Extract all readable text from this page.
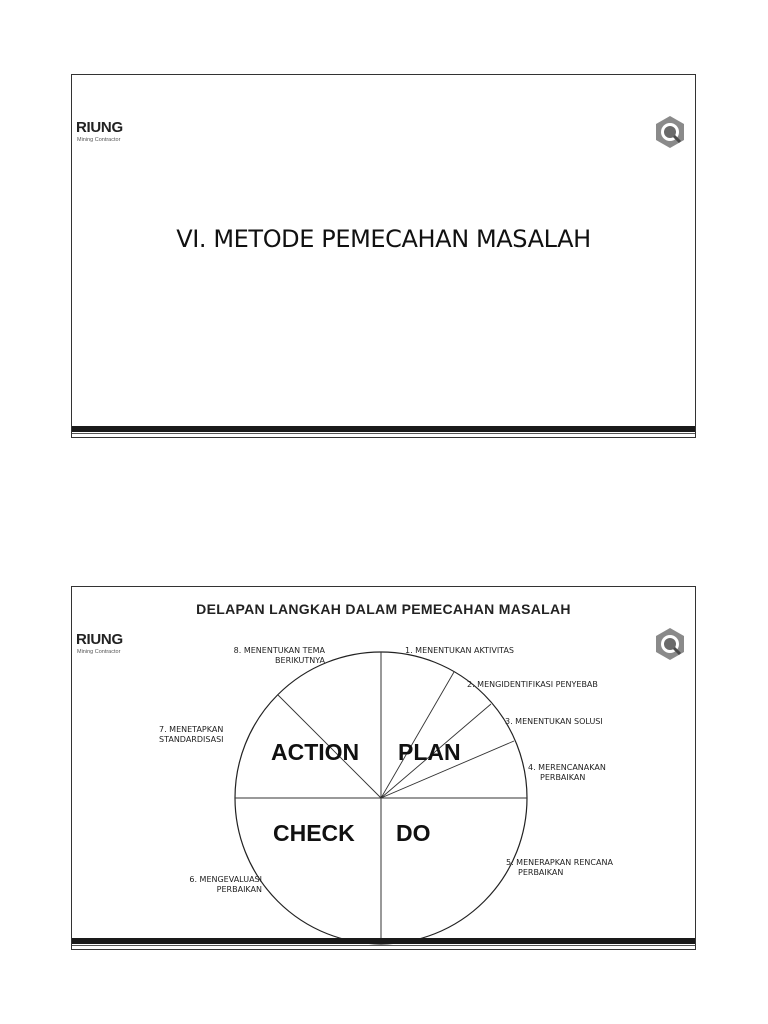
RIUNG
Mining Contractor
VI. METODE PEMECAHAN MASALAH
DELAPAN LANGKAH DALAM PEMECAHAN MASALAH
RIUNG
Mining Contractor
ACTION PLAN
CHECK DO
1. MENENTUKAN AKTIVITAS
2. MENGIDENTIFIKASI PENYEBAB
3. MENENTUKAN SOLUSI
4. MERENCANAKAN
PERBAIKAN
5. MENERAPKAN RENCANA
PERBAIKAN
6. MENGEVALUASI
PERBAIKAN
7. MENETAPKAN
STANDARDISASI
8. MENENTUKAN TEMA
BERIKUTNYA
